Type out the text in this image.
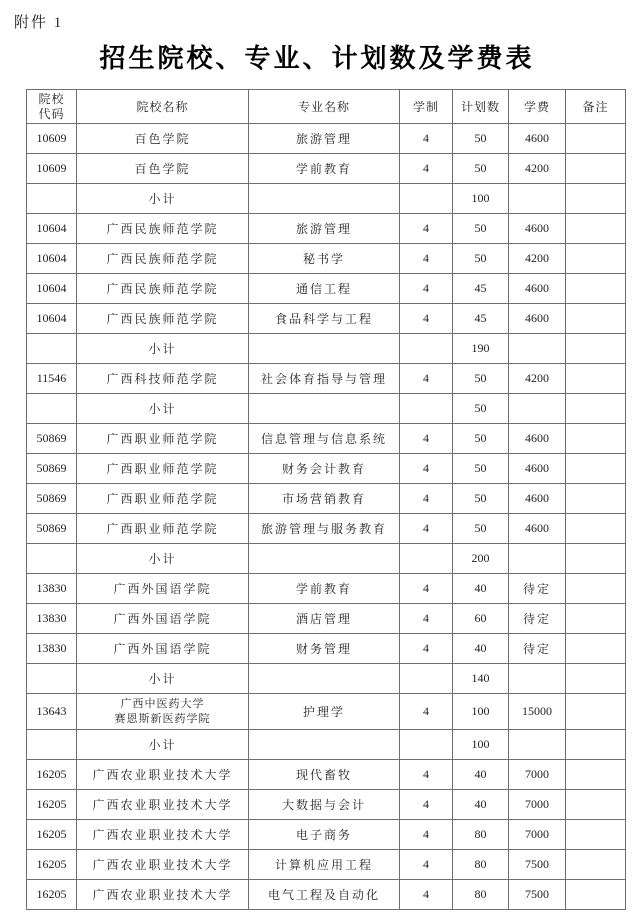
附件 1
招生院校、专业、计划数及学费表
院校
代码	院校名称	专业名称	学制	计划数	学费	备注
10609	百色学院	旅游管理	4	50	4600	
10609	百色学院	学前教育	4	50	4200	
	小计			100		
10604	广西民族师范学院	旅游管理	4	50	4600	
10604	广西民族师范学院	秘书学	4	50	4200	
10604	广西民族师范学院	通信工程	4	45	4600	
10604	广西民族师范学院	食品科学与工程	4	45	4600	
	小计			190		
11546	广西科技师范学院	社会体育指导与管理	4	50	4200	
	小计			50		
50869	广西职业师范学院	信息管理与信息系统	4	50	4600	
50869	广西职业师范学院	财务会计教育	4	50	4600	
50869	广西职业师范学院	市场营销教育	4	50	4600	
50869	广西职业师范学院	旅游管理与服务教育	4	50	4600	
	小计			200		
13830	广西外国语学院	学前教育	4	40	待定	
13830	广西外国语学院	酒店管理	4	60	待定	
13830	广西外国语学院	财务管理	4	40	待定	
	小计			140		
13643	广西中医药大学
赛恩斯新医药学院	护理学	4	100	15000	
	小计			100		
16205	广西农业职业技术大学	现代畜牧	4	40	7000	
16205	广西农业职业技术大学	大数据与会计	4	40	7000	
16205	广西农业职业技术大学	电子商务	4	80	7000	
16205	广西农业职业技术大学	计算机应用工程	4	80	7500	
16205	广西农业职业技术大学	电气工程及自动化	4	80	7500	
